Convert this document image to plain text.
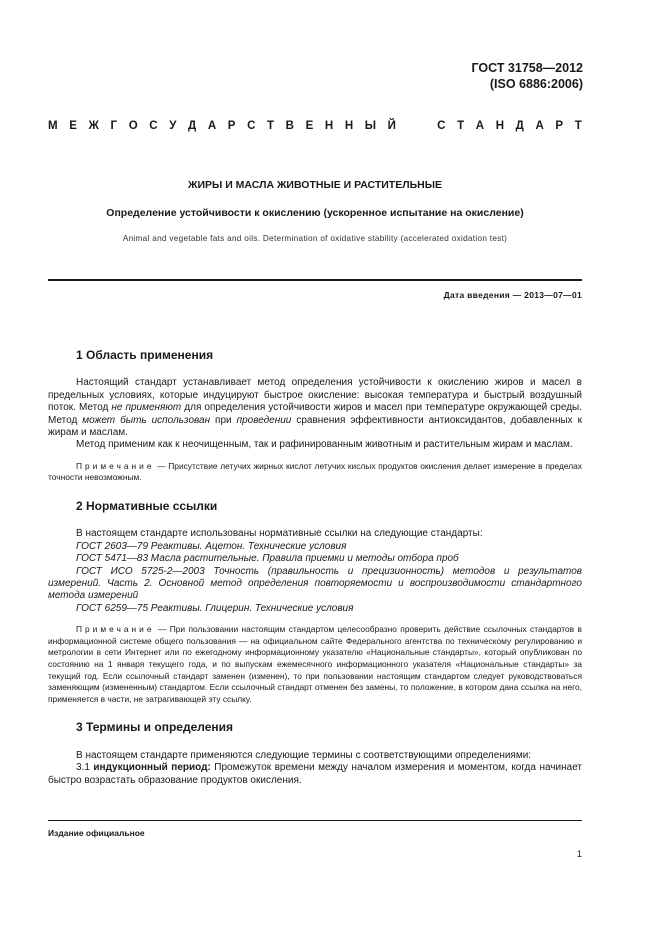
ГОСТ 31758—2012
(ISO 6886:2006)
М Е Ж Г О С У Д А Р С Т В Е Н Н Ы Й	С Т А Н Д А Р Т
ЖИРЫ И МАСЛА ЖИВОТНЫЕ И РАСТИТЕЛЬНЫЕ
Определение устойчивости к окислению (ускоренное испытание на окисление)
Animal and vegetable fats and oils. Determination of oxidative stability (accelerated oxidation test)
Дата введения — 2013—07—01
1 Область применения

Настоящий стандарт устанавливает метод определения устойчивости к окислению жиров и масел в предельных условиях, которые индуцируют быстрое окисление: высокая температура и быстрый воздушный поток. Метод не применяют для определения устойчивости жиров и масел при температуре окружающей среды. Метод может быть использован при проведении сравнения эффективности антиоксидантов, добавленных к жирам и маслам.

Метод применим как к неочищенным, так и рафинированным животным и растительным жирам и маслам.

Примечание — Присутствие летучих жирных кислот летучих кислых продуктов окисления делает измерение в пределах точности невозможным.

2 Нормативные ссылки

В настоящем стандарте использованы нормативные ссылки на следующие стандарты:

ГОСТ 2603—79 Реактивы. Ацетон. Технические условия

ГОСТ 5471—83 Масла растительные. Правила приемки и методы отбора проб

ГОСТ ИСО 5725-2—2003 Точность (правильность и прецизионность) методов и результатов измерений. Часть 2. Основной метод определения повторяемости и воспроизводимости стандартного метода измерений

ГОСТ 6259—75 Реактивы. Глицерин. Технические условия

Примечание — При пользовании настоящим стандартом целесообразно проверить действие ссылочных стандартов в информационной системе общего пользования — на официальном сайте Федерального агентства по техническому регулированию и метрологии в сети Интернет или по ежегодному информационному указателю «Национальные стандарты», который опубликован по состоянию на 1 января текущего года, и по выпускам ежемесячного информационного указателя «Национальные стандарты» за текущий год. Если ссылочный стандарт заменен (изменен), то при пользовании настоящим стандартом следует руководствоваться заменяющим (измененным) стандартом. Если ссылочный стандарт отменен без замены, то положение, в котором дана ссылка на него, применяется в части, не затрагивающей эту ссылку.

3 Термины и определения

В настоящем стандарте применяются следующие термины с соответствующими определениями:

3.1 индукционный период: Промежуток времени между началом измерения и моментом, когда начинает быстро возрастать образование продуктов окисления.

Издание официальное
1
